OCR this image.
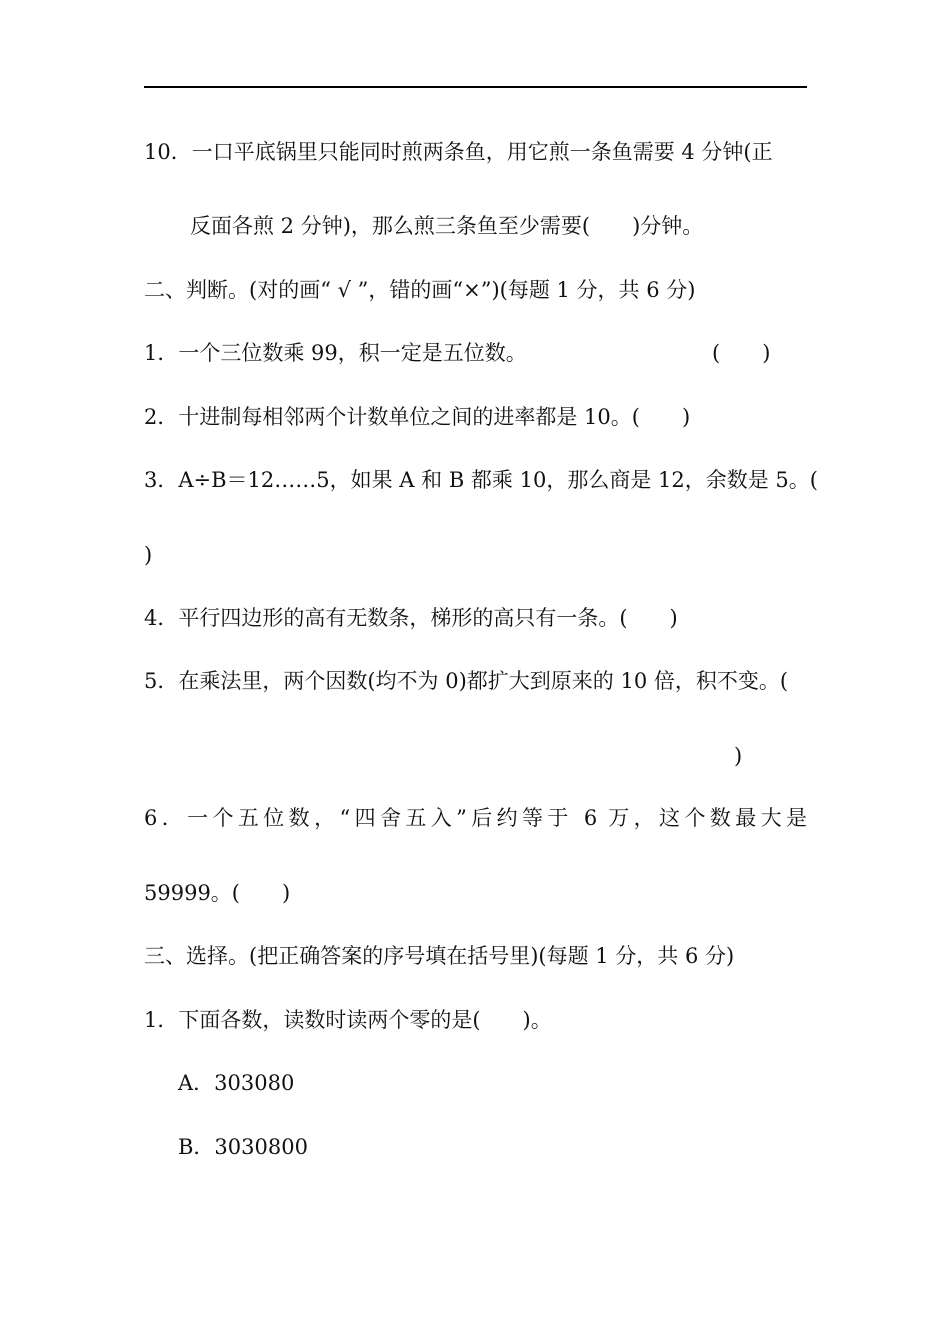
10．一口平底锅里只能同时煎两条鱼，用它煎一条鱼需要 4 分钟(正
反面各煎 2 分钟)，那么煎三条鱼至少需要(　　)分钟。
二、判断。(对的画“ √ ”，错的画“×”)(每题 1 分，共 6 分)
1．一个三位数乘 99，积一定是五位数。	(　　)
2．十进制每相邻两个计数单位之间的进率都是 10。(　　)
3．A÷B＝12……5，如果 A 和 B 都乘 10，那么商是 12，余数是 5。(
)
4．平行四边形的高有无数条，梯形的高只有一条。(　　)
5．在乘法里，两个因数(均不为 0)都扩大到原来的 10 倍，积不变。(
)
6．一个五位数，“四舍五入”后约等于 6 万，这个数最大是
59999。(　　)
三、选择。(把正确答案的序号填在括号里)(每题 1 分，共 6 分)
1．下面各数，读数时读两个零的是(　　)。
A．303080
B．3030800
